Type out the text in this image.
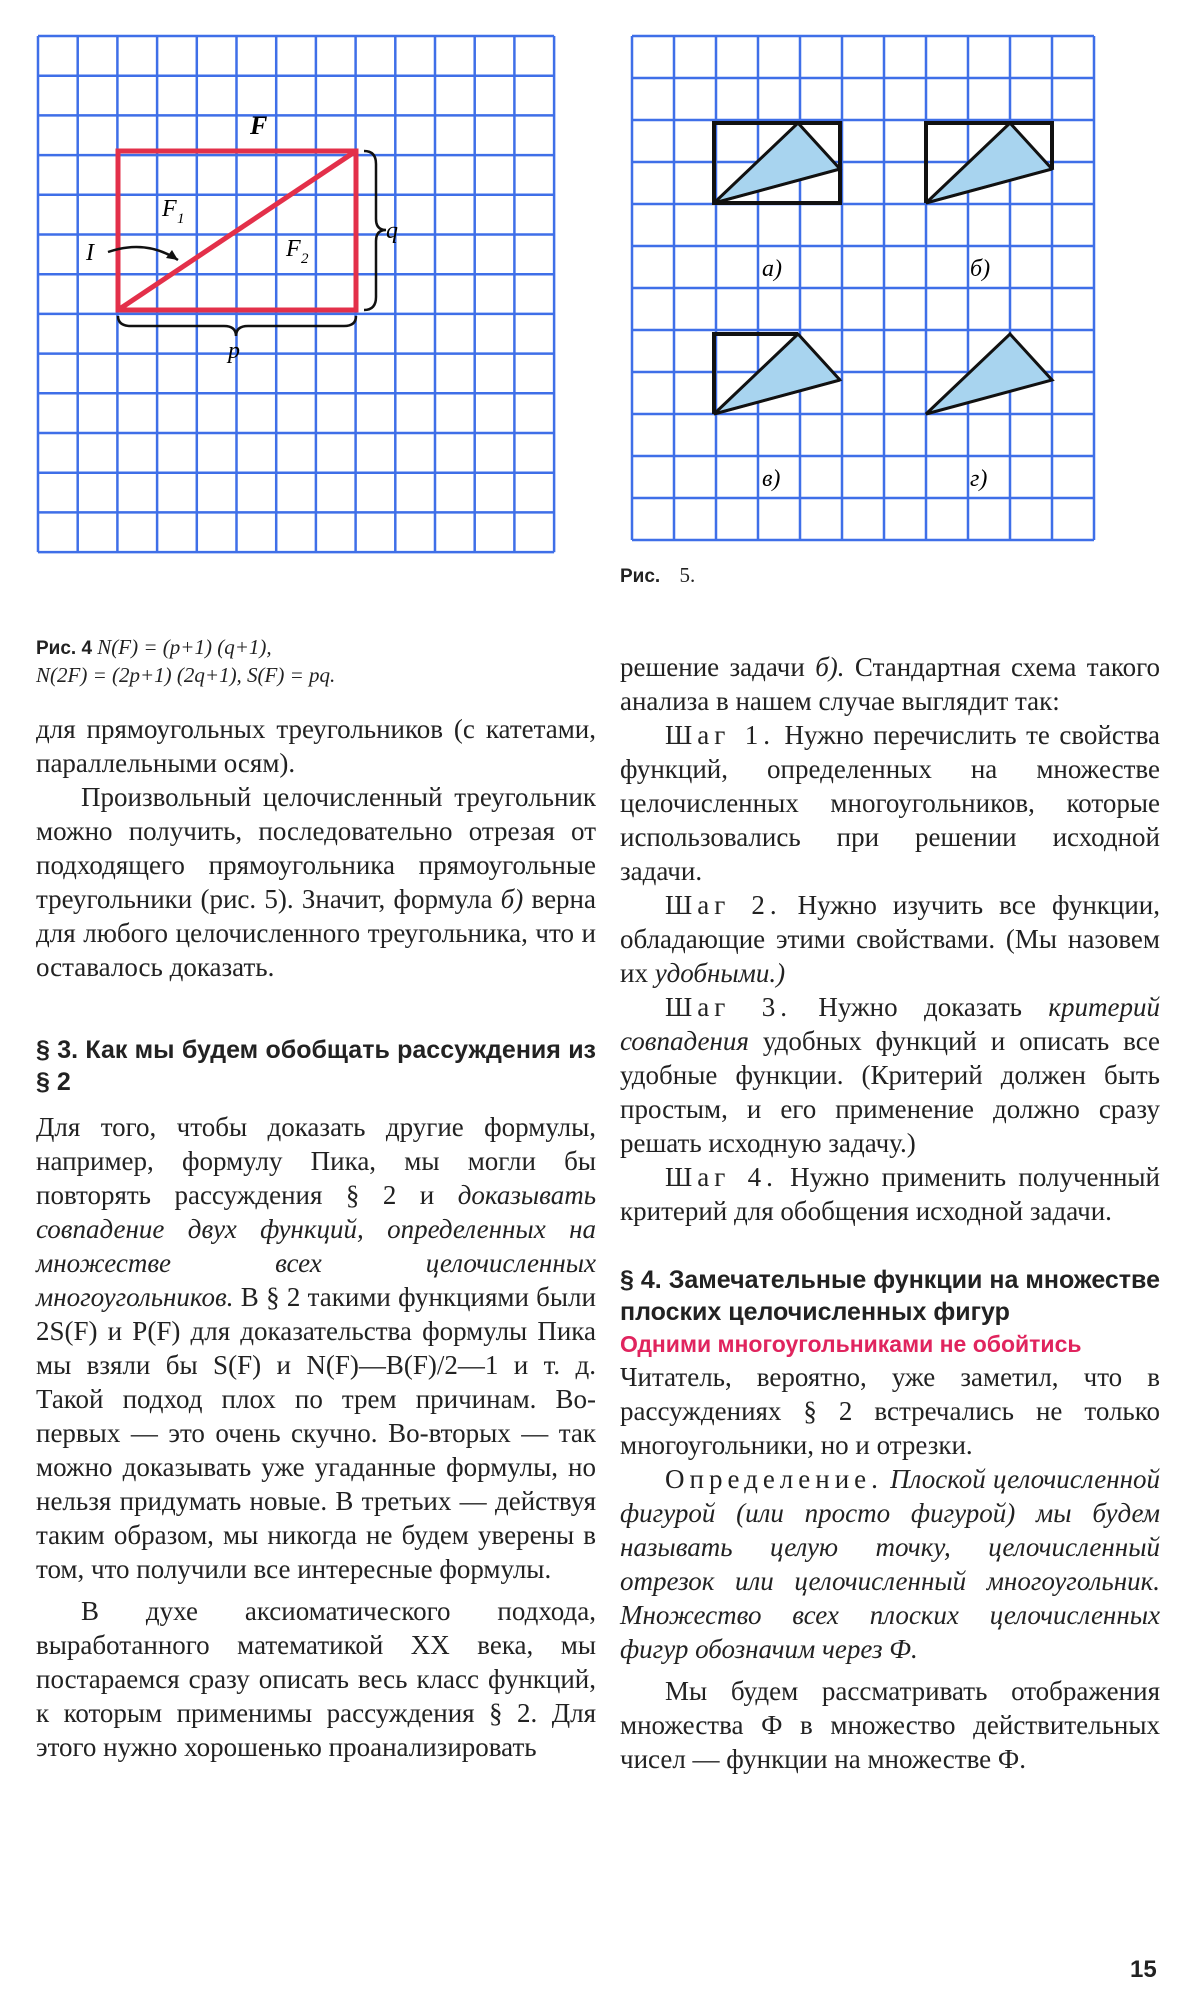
F
F 1
F 2
I
q
p
а)	б)
в)	г)
Рис. 5.
Рис. 4 N(F) = (p+1) (q+1),
N(2F) = (2p+1) (2q+1), S(F) = pq.

для прямоугольных треугольников (с катетами, параллельными осям).

Произвольный целочисленный треугольник можно получить, последовательно отрезая от подходящего прямоугольника прямоугольные треугольники (рис. 5). Значит, формула б) верна для любого целочисленного треугольника, что и оставалось доказать.

§ 3. Как мы будем обобщать рассуждения из § 2

Для того, чтобы доказать другие формулы, например, формулу Пика, мы могли бы повторять рассуждения § 2 и доказывать совпадение двух функций, определенных на множестве всех целочисленных многоугольников. В § 2 такими функциями были 2S(F) и P(F) для доказательства формулы Пика мы взяли бы S(F) и N(F)—B(F)/2—1 и т. д. Такой подход плох по трем причинам. Во-первых — это очень скучно. Во-вторых — так можно доказывать уже угаданные формулы, но нельзя придумать новые. В третьих — действуя таким образом, мы никогда не будем уверены в том, что получили все интересные формулы.

В духе аксиоматического подхода, выработанного математикой XX века, мы постараемся сразу описать весь класс функций, к которым применимы рассуждения § 2. Для этого нужно хорошенько проанализировать

решение задачи б). Стандартная схема такого анализа в нашем случае выглядит так:

Шаг 1. Нужно перечислить те свойства функций, определенных на множестве целочисленных многоугольников, которые использовались при решении исходной задачи.

Шаг 2. Нужно изучить все функции, обладающие этими свойствами. (Мы назовем их удобными.)

Шаг 3. Нужно доказать критерий совпадения удобных функций и описать все удобные функции. (Критерий должен быть простым, и его применение должно сразу решать исходную задачу.)

Шаг 4. Нужно применить полученный критерий для обобщения исходной задачи.

§ 4. Замечательные функции на множестве плоских целочисленных фигур

Одними многоугольниками не обойтись

Читатель, вероятно, уже заметил, что в рассуждениях § 2 встречались не только многоугольники, но и отрезки.

Определение. Плоской целочисленной фигурой (или просто фигурой) мы будем называть целую точку, целочисленный отрезок или целочисленный многоугольник. Множество всех плоских целочисленных фигур обозначим через Ф.

Мы будем рассматривать отображения множества Ф в множество действительных чисел — функции на множестве Ф.

15
